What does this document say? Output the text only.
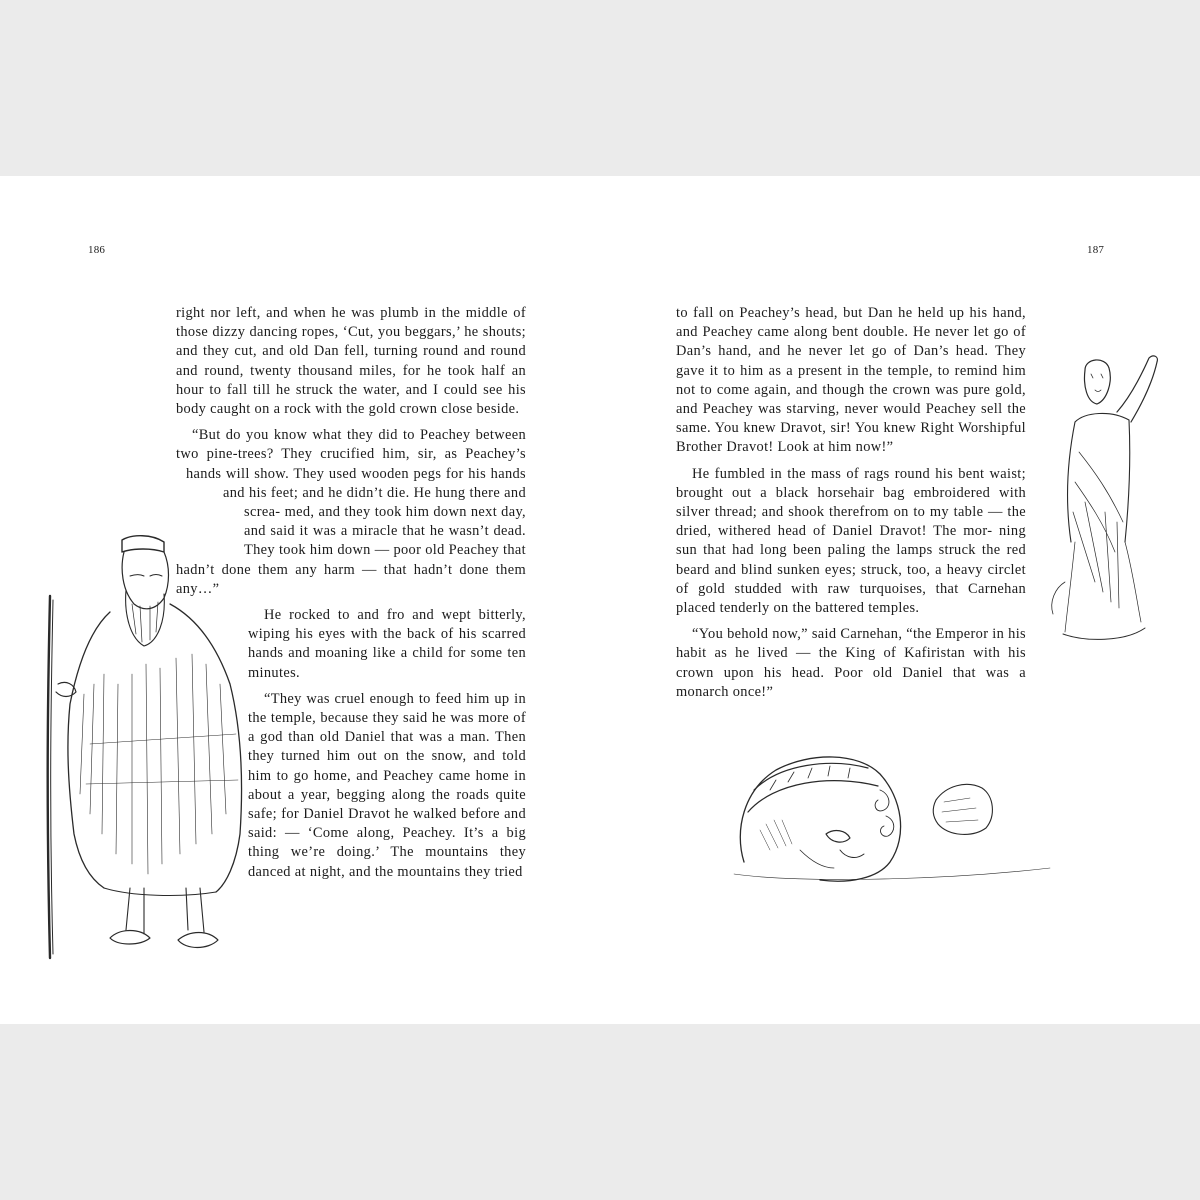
186	187

right nor left, and when he was plumb in the middle of those dizzy dancing ropes, ‘Cut, you beggars,’ he shouts; and they cut, and old Dan fell, turning round and round and round, twenty thousand miles, for he took half an hour to fall till he struck the water, and I could see his body caught on a rock with the gold crown close beside.

“But do you know what they did to Peachey between two pine-trees? They crucified him, sir, as Peachey’s hands will show. They used wooden pegs for his hands and his feet; and he didn’t die. He hung there and screa- med, and they took him down next day, and said it was a miracle that he wasn’t dead. They took him down — poor old Peachey that hadn’t done them any harm — that hadn’t done them any…”

He rocked to and fro and wept bitterly, wiping his eyes with the back of his scarred hands and moaning like a child for some ten minutes.

“They was cruel enough to feed him up in the temple, because they said he was more of a god than old Daniel that was a man. Then they turned him out on the snow, and told him to go home, and Peachey came home in about a year, begging along the roads quite safe; for Daniel Dravot he walked before and said: — ‘Come along, Peachey. It’s a big thing we’re doing.’ The mountains they danced at night, and the mountains they tried

to fall on Peachey’s head, but Dan he held up his hand, and Peachey came along bent double. He never let go of Dan’s hand, and he never let go of Dan’s head. They gave it to him as a present in the temple, to remind him not to come again, and though the crown was pure gold, and Peachey was starving, never would Peachey sell the same. You knew Dravot, sir! You knew Right Worshipful Brother Dravot! Look at him now!”

He fumbled in the mass of rags round his bent waist; brought out a black horsehair bag embroidered with silver thread; and shook therefrom on to my table — the dried, withered head of Daniel Dravot! The mor- ning sun that had long been paling the lamps struck the red beard and blind sunken eyes; struck, too, a heavy circlet of gold studded with raw turquoises, that Carnehan placed tenderly on the battered temples.

“You behold now,” said Carnehan, “the Emperor in his habit as he lived — the King of Kafiristan with his crown upon his head. Poor old Daniel that was a monarch once!”
